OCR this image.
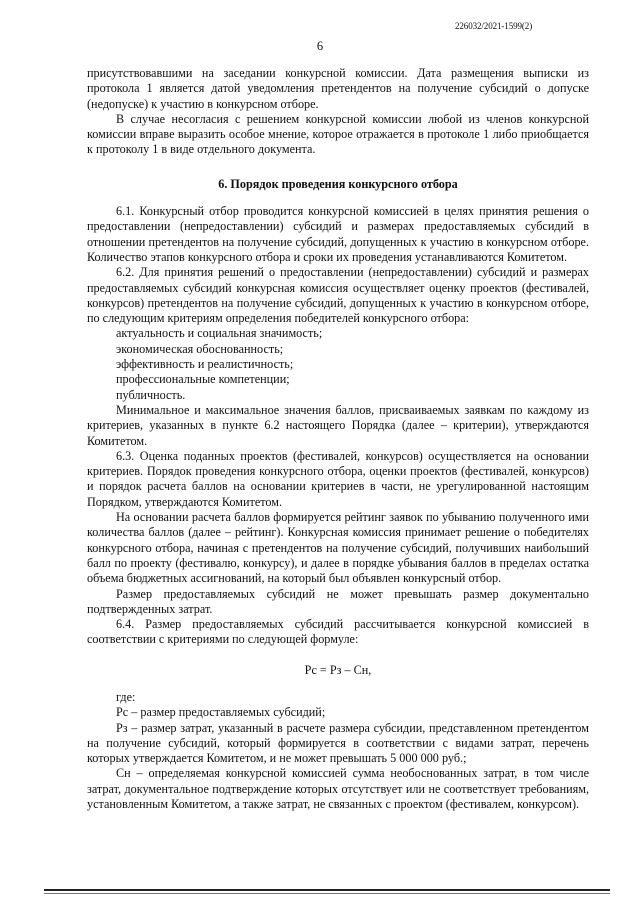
226032/2021-1599(2)
6

присутствовавшими на заседании конкурсной комиссии. Дата размещения выписки из протокола 1 является датой уведомления претендентов на получение субсидий о допуске (недопуске) к участию в конкурсном отборе.

В случае несогласия с решением конкурсной комиссии любой из членов конкурсной комиссии вправе выразить особое мнение, которое отражается в протоколе 1 либо приобщается к протоколу 1 в виде отдельного документа.

6. Порядок проведения конкурсного отбора

6.1. Конкурсный отбор проводится конкурсной комиссией в целях принятия решения о предоставлении (непредоставлении) субсидий и размерах предоставляемых субсидий в отношении претендентов на получение субсидий, допущенных к участию в конкурсном отборе. Количество этапов конкурсного отбора и сроки их проведения устанавливаются Комитетом.

6.2. Для принятия решений о предоставлении (непредоставлении) субсидий и размерах предоставляемых субсидий конкурсная комиссия осуществляет оценку проектов (фестивалей, конкурсов) претендентов на получение субсидий, допущенных к участию в конкурсном отборе, по следующим критериям определения победителей конкурсного отбора:

актуальность и социальная значимость;

экономическая обоснованность;

эффективность и реалистичность;

профессиональные компетенции;

публичность.

Минимальное и максимальное значения баллов, присваиваемых заявкам по каждому из критериев, указанных в пункте 6.2 настоящего Порядка (далее – критерии), утверждаются Комитетом.

6.3. Оценка поданных проектов (фестивалей, конкурсов) осуществляется на основании критериев. Порядок проведения конкурсного отбора, оценки проектов (фестивалей, конкурсов) и порядок расчета баллов на основании критериев в части, не урегулированной настоящим Порядком, утверждаются Комитетом.

На основании расчета баллов формируется рейтинг заявок по убыванию полученного ими количества баллов (далее – рейтинг). Конкурсная комиссия принимает решение о победителях конкурсного отбора, начиная с претендентов на получение субсидий, получивших наибольший балл по проекту (фестивалю, конкурсу), и далее в порядке убывания баллов в пределах остатка объема бюджетных ассигнований, на который был объявлен конкурсный отбор.

Размер предоставляемых субсидий не может превышать размер документально подтвержденных затрат.

6.4. Размер предоставляемых субсидий рассчитывается конкурсной комиссией в соответствии с критериями по следующей формуле:

Рс = Рз – Сн,

где:

Рс – размер предоставляемых субсидий;

Рз – размер затрат, указанный в расчете размера субсидии, представленном претендентом на получение субсидий, который формируется в соответствии с видами затрат, перечень которых утверждается Комитетом, и не может превышать 5 000 000 руб.;

Сн – определяемая конкурсной комиссией сумма необоснованных затрат, в том числе затрат, документальное подтверждение которых отсутствует или не соответствует требованиям, установленным Комитетом, а также затрат, не связанных с проектом (фестивалем, конкурсом).
